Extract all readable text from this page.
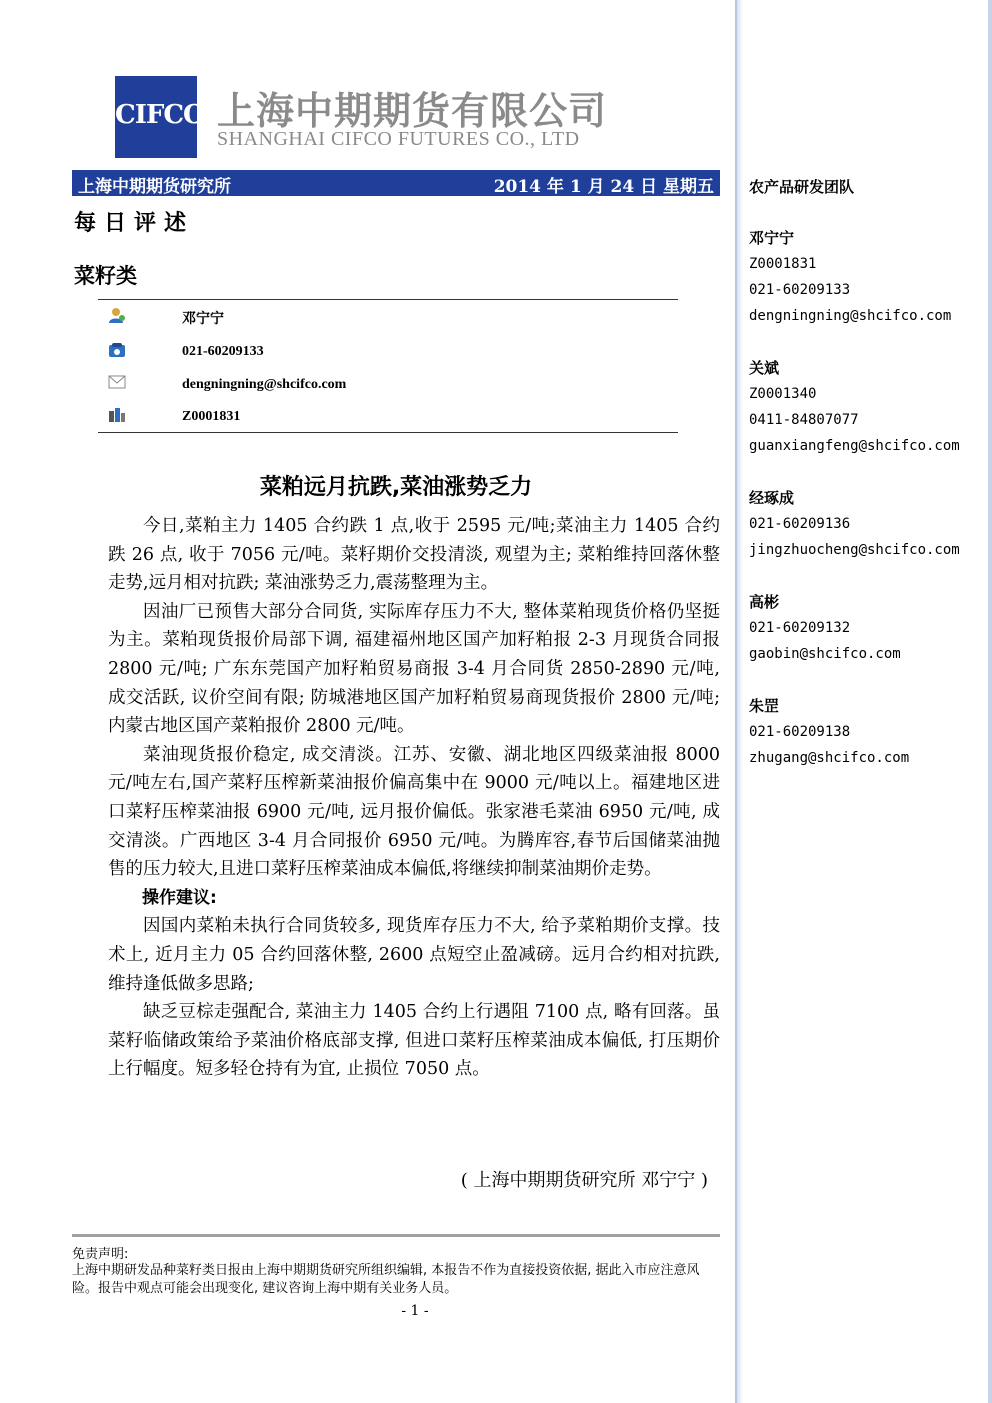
CIFCO 上海中期期货有限公司
SHANGHAI CIFCO FUTURES CO., LTD
上海中期期货研究所	2014 年 1 月 24 日 星期五
每日评述
菜籽类
邓宁宁
021-60209133
dengningning@shcifco.com
Z0001831
菜粕远月抗跌,菜油涨势乏力

今日,菜粕主力 1405 合约跌 1 点,收于 2595 元/吨;菜油主力 1405 合约跌 26 点, 收于 7056 元/吨。菜籽期价交投清淡, 观望为主; 菜粕维持回落休整走势,远月相对抗跌; 菜油涨势乏力,震荡整理为主。

因油厂已预售大部分合同货, 实际库存压力不大, 整体菜粕现货价格仍坚挺为主。菜粕现货报价局部下调, 福建福州地区国产加籽粕报 2-3 月现货合同报 2800 元/吨; 广东东莞国产加籽粕贸易商报 3-4 月合同货 2850-2890 元/吨, 成交活跃, 议价空间有限; 防城港地区国产加籽粕贸易商现货报价 2800 元/吨; 内蒙古地区国产菜粕报价 2800 元/吨。

菜油现货报价稳定, 成交清淡。江苏、安徽、湖北地区四级菜油报 8000 元/吨左右,国产菜籽压榨新菜油报价偏高集中在 9000 元/吨以上。福建地区进口菜籽压榨菜油报 6900 元/吨, 远月报价偏低。张家港毛菜油 6950 元/吨, 成交清淡。广西地区 3-4 月合同报价 6950 元/吨。为腾库容,春节后国储菜油抛售的压力较大,且进口菜籽压榨菜油成本偏低,将继续抑制菜油期价走势。

操作建议:

因国内菜粕未执行合同货较多, 现货库存压力不大, 给予菜粕期价支撑。技术上, 近月主力 05 合约回落休整, 2600 点短空止盈减磅。远月合约相对抗跌, 维持逢低做多思路;

缺乏豆棕走强配合, 菜油主力 1405 合约上行遇阻 7100 点, 略有回落。虽菜籽临储政策给予菜油价格底部支撑, 但进口菜籽压榨菜油成本偏低, 打压期价上行幅度。短多轻仓持有为宜, 止损位 7050 点。

( 上海中期期货研究所 邓宁宁 )
免责声明:
上海中期研发品种菜籽类日报由上海中期期货研究所组织编辑, 本报告不作为直接投资依据, 据此入市应注意风险。报告中观点可能会出现变化, 建议咨询上海中期有关业务人员。
- 1 -
农产品研发团队
邓宁宁
Z0001831
021-60209133
dengningning@shcifco.com
关斌
Z0001340
0411-84807077
guanxiangfeng@shcifco.com
经琢成
021-60209136
jingzhuocheng@shcifco.com
高彬
021-60209132
gaobin@shcifco.com
朱罡
021-60209138
zhugang@shcifco.com
